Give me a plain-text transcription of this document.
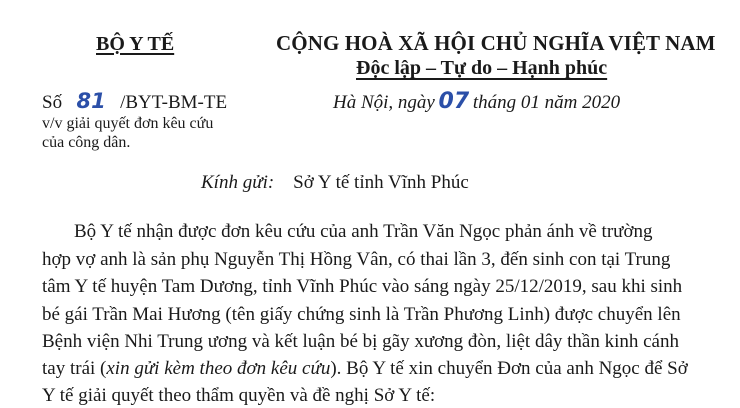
BỘ Y TẾ	CỘNG HOÀ XÃ HỘI CHỦ NGHĨA VIỆT NAM
Độc lập – Tự do – Hạnh phúc
Số 81 /BYT-BM-TE	Hà Nội, ngày 07 tháng 01 năm 2020
v/v giải quyết đơn kêu cứu
của công dân.
Kính gửi: Sở Y tế tỉnh Vĩnh Phúc
Bộ Y tế nhận được đơn kêu cứu của anh Trần Văn Ngọc phản ánh về trường
hợp vợ anh là sản phụ Nguyễn Thị Hồng Vân, có thai lần 3, đến sinh con tại Trung
tâm Y tế huyện Tam Dương, tỉnh Vĩnh Phúc vào sáng ngày 25/12/2019, sau khi sinh
bé gái Trần Mai Hương (tên giấy chứng sinh là Trần Phương Linh) được chuyển lên
Bệnh viện Nhi Trung ương và kết luận bé bị gãy xương đòn, liệt dây thần kinh cánh
tay trái (xin gửi kèm theo đơn kêu cứu). Bộ Y tế xin chuyển Đơn của anh Ngọc để Sở
Y tế giải quyết theo thẩm quyền và đề nghị Sở Y tế:
